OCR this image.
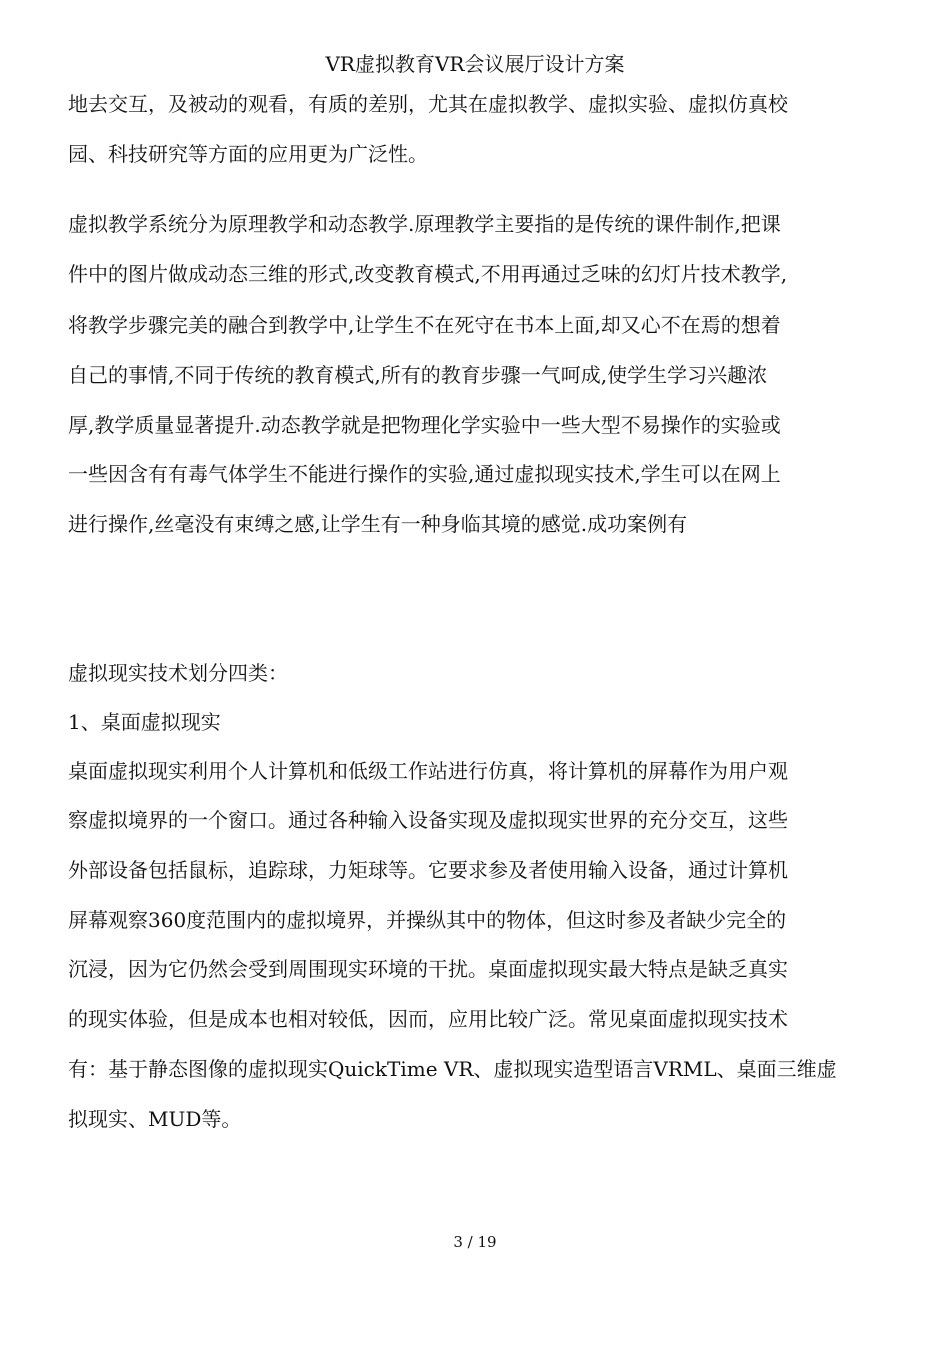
VR虚拟教育VR会议展厅设计方案
地去交互，及被动的观看，有质的差别，尤其在虚拟教学、虚拟实验、虚拟仿真校
园、科技研究等方面的应用更为广泛性。
虚拟教学系统分为原理教学和动态教学.原理教学主要指的是传统的课件制作,把课
件中的图片做成动态三维的形式,改变教育模式,不用再通过乏味的幻灯片技术教学,
将教学步骤完美的融合到教学中,让学生不在死守在书本上面,却又心不在焉的想着
自己的事情,不同于传统的教育模式,所有的教育步骤一气呵成,使学生学习兴趣浓
厚,教学质量显著提升.动态教学就是把物理化学实验中一些大型不易操作的实验或
一些因含有有毒气体学生不能进行操作的实验,通过虚拟现实技术,学生可以在网上
进行操作,丝毫没有束缚之感,让学生有一种身临其境的感觉.成功案例有
虚拟现实技术划分四类：
1、桌面虚拟现实
桌面虚拟现实利用个人计算机和低级工作站进行仿真，将计算机的屏幕作为用户观
察虚拟境界的一个窗口。通过各种输入设备实现及虚拟现实世界的充分交互，这些
外部设备包括鼠标，追踪球，力矩球等。它要求参及者使用输入设备，通过计算机
屏幕观察360度范围内的虚拟境界，并操纵其中的物体，但这时参及者缺少完全的
沉浸，因为它仍然会受到周围现实环境的干扰。桌面虚拟现实最大特点是缺乏真实
的现实体验，但是成本也相对较低，因而，应用比较广泛。常见桌面虚拟现实技术
有：基于静态图像的虚拟现实QuickTime VR、虚拟现实造型语言VRML、桌面三维虚
拟现实、MUD等。
3 / 19
